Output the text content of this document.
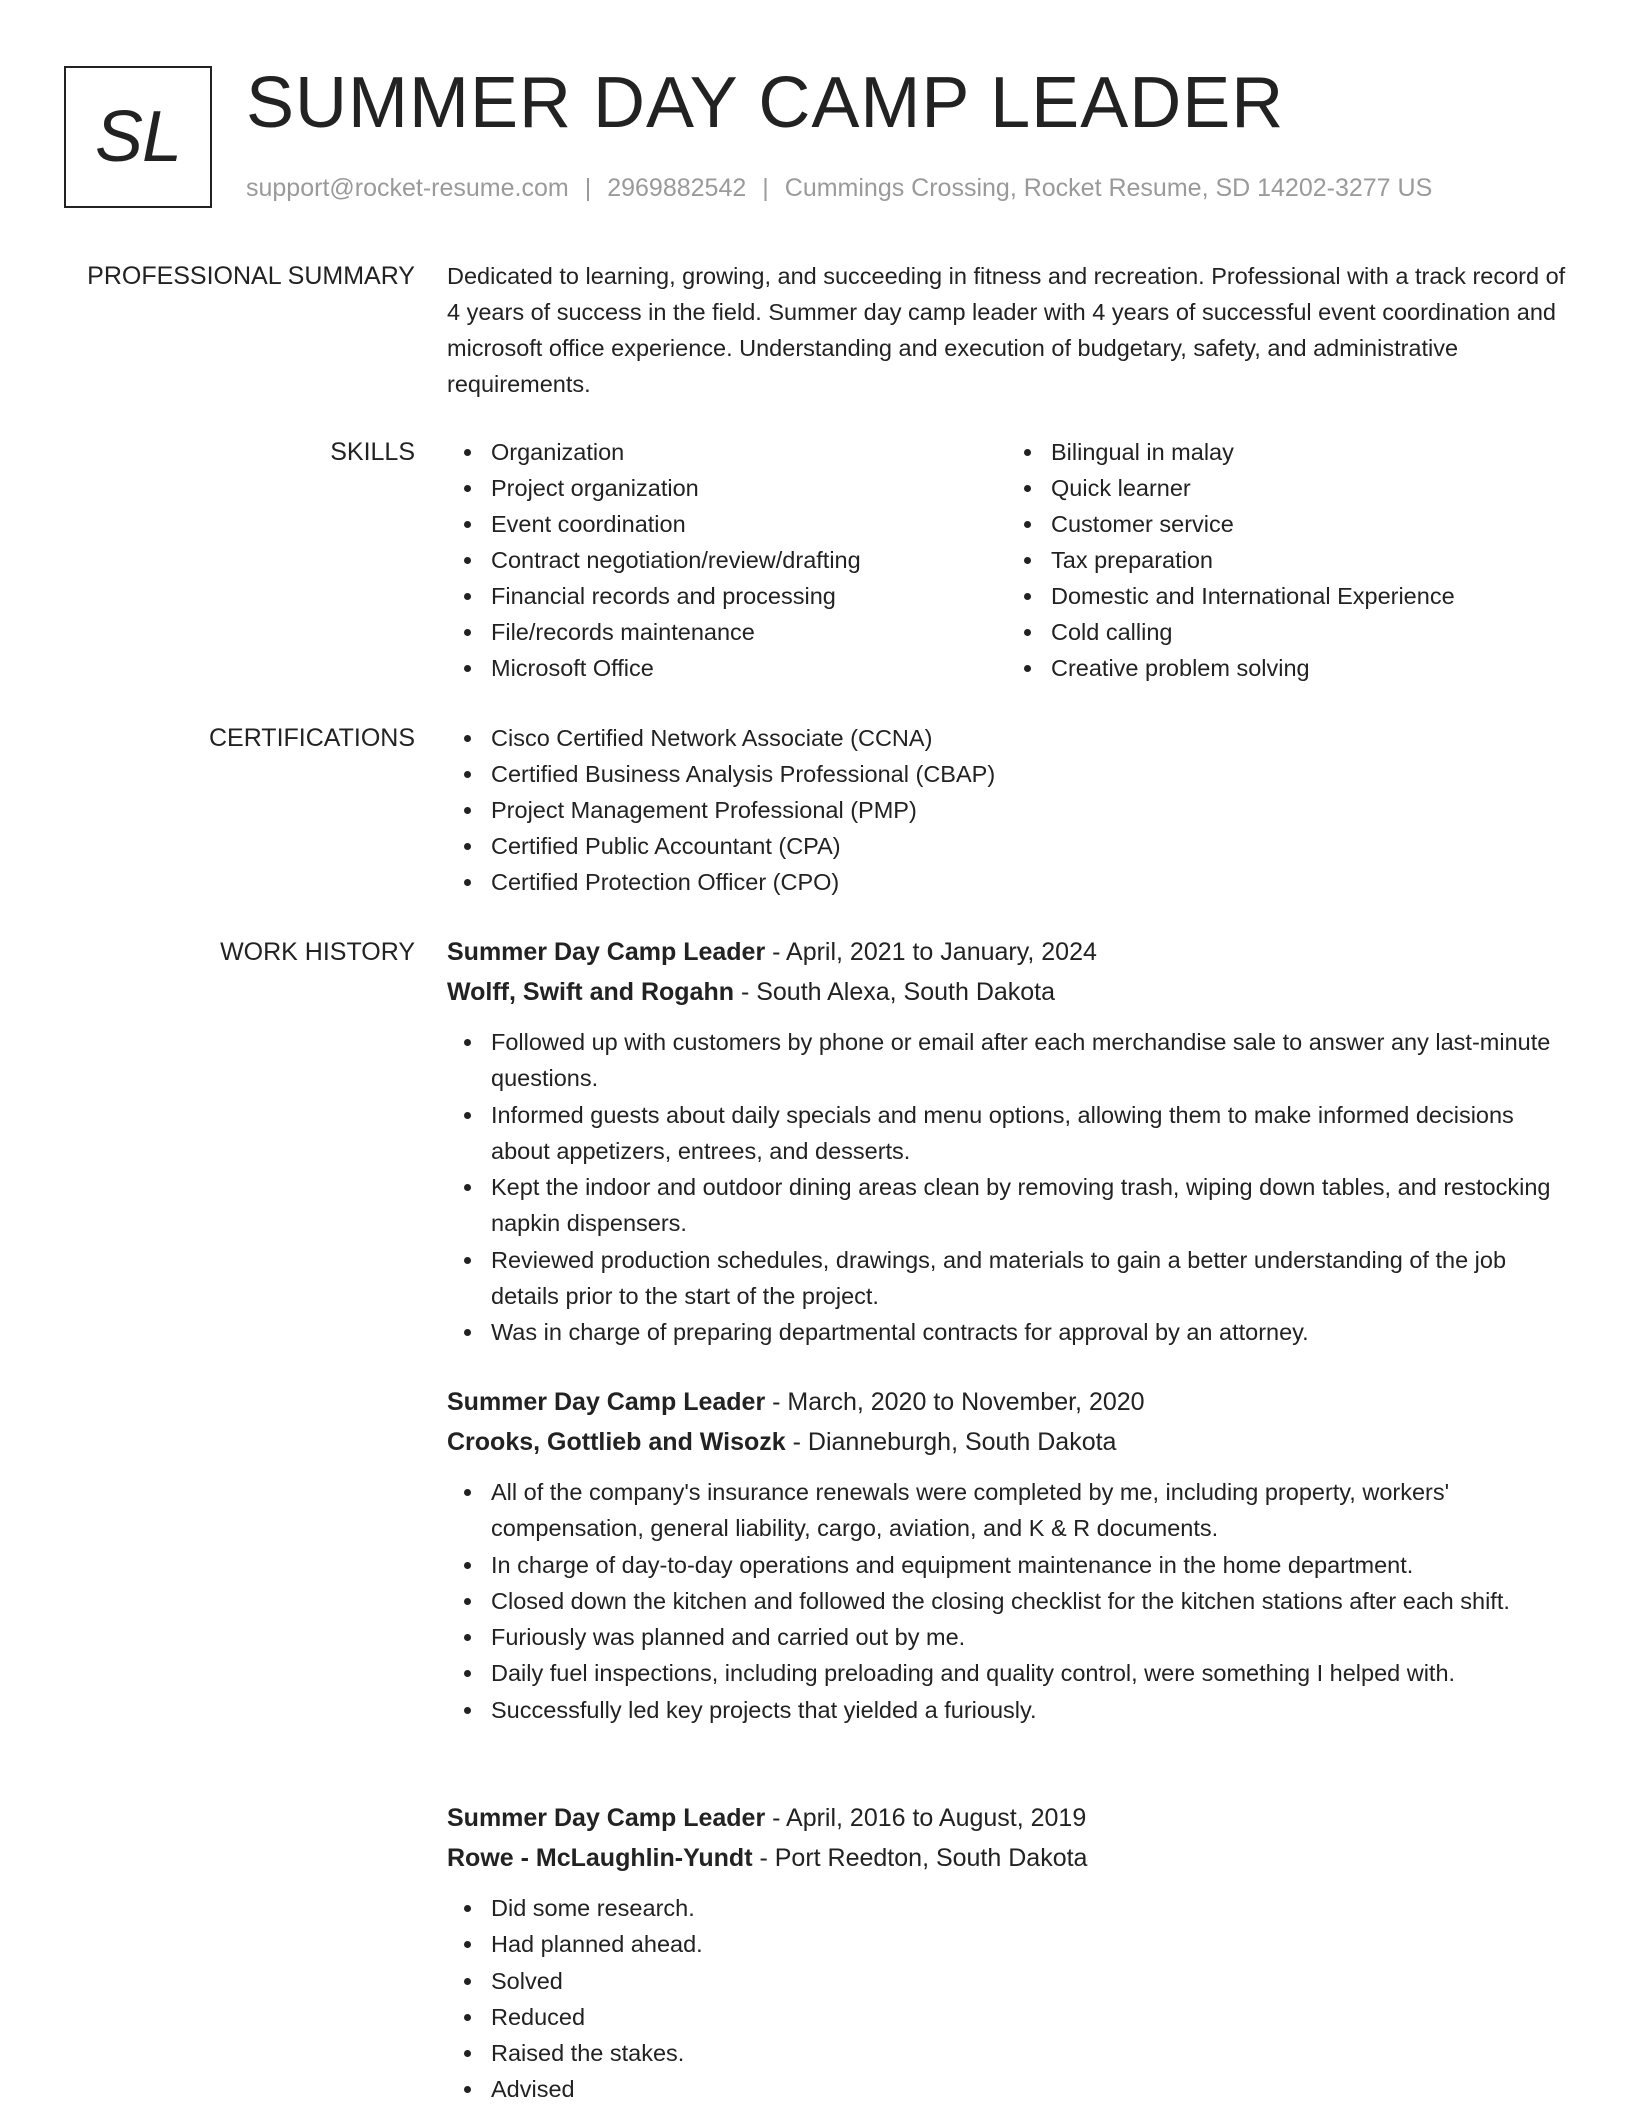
SL SUMMER DAY CAMP LEADER
support@rocket-resume.com | 2969882542 | Cummings Crossing, Rocket Resume, SD 14202-3277 US
PROFESSIONAL SUMMARY Dedicated to learning, growing, and succeeding in fitness and recreation. Professional with a track record of 4 years of success in the field. Summer day camp leader with 4 years of successful event coordination and microsoft office experience. Understanding and execution of budgetary, safety, and administrative requirements.

SKILLS	Organization
Project organization
Event coordination
Contract negotiation/review/drafting
Financial records and processing
File/records maintenance
Microsoft Office
Bilingual in malay
Quick learner
Customer service
Tax preparation
Domestic and International Experience
Cold calling
Creative problem solving
CERTIFICATIONS	Cisco Certified Network Associate (CCNA)
Certified Business Analysis Professional (CBAP)
Project Management Professional (PMP)
Certified Public Accountant (CPA)
Certified Protection Officer (CPO)
WORK HISTORY Summer Day Camp Leader - April, 2021 to January, 2024
Wolff, Swift and Rogahn - South Alexa, South Dakota
Followed up with customers by phone or email after each merchandise sale to answer any last-minute questions.
Informed guests about daily specials and menu options, allowing them to make informed decisions about appetizers, entrees, and desserts.
Kept the indoor and outdoor dining areas clean by removing trash, wiping down tables, and restocking napkin dispensers.
Reviewed production schedules, drawings, and materials to gain a better understanding of the job details prior to the start of the project.
Was in charge of preparing departmental contracts for approval by an attorney.
Summer Day Camp Leader - March, 2020 to November, 2020
Crooks, Gottlieb and Wisozk - Dianneburgh, South Dakota
All of the company's insurance renewals were completed by me, including property, workers' compensation, general liability, cargo, aviation, and K & R documents.
In charge of day-to-day operations and equipment maintenance in the home department.
Closed down the kitchen and followed the closing checklist for the kitchen stations after each shift.
Furiously was planned and carried out by me.
Daily fuel inspections, including preloading and quality control, were something I helped with.
Successfully led key projects that yielded a furiously.
Summer Day Camp Leader - April, 2016 to August, 2019
Rowe - McLaughlin-Yundt - Port Reedton, South Dakota
Did some research.
Had planned ahead.
Solved
Reduced
Raised the stakes.
Advised
